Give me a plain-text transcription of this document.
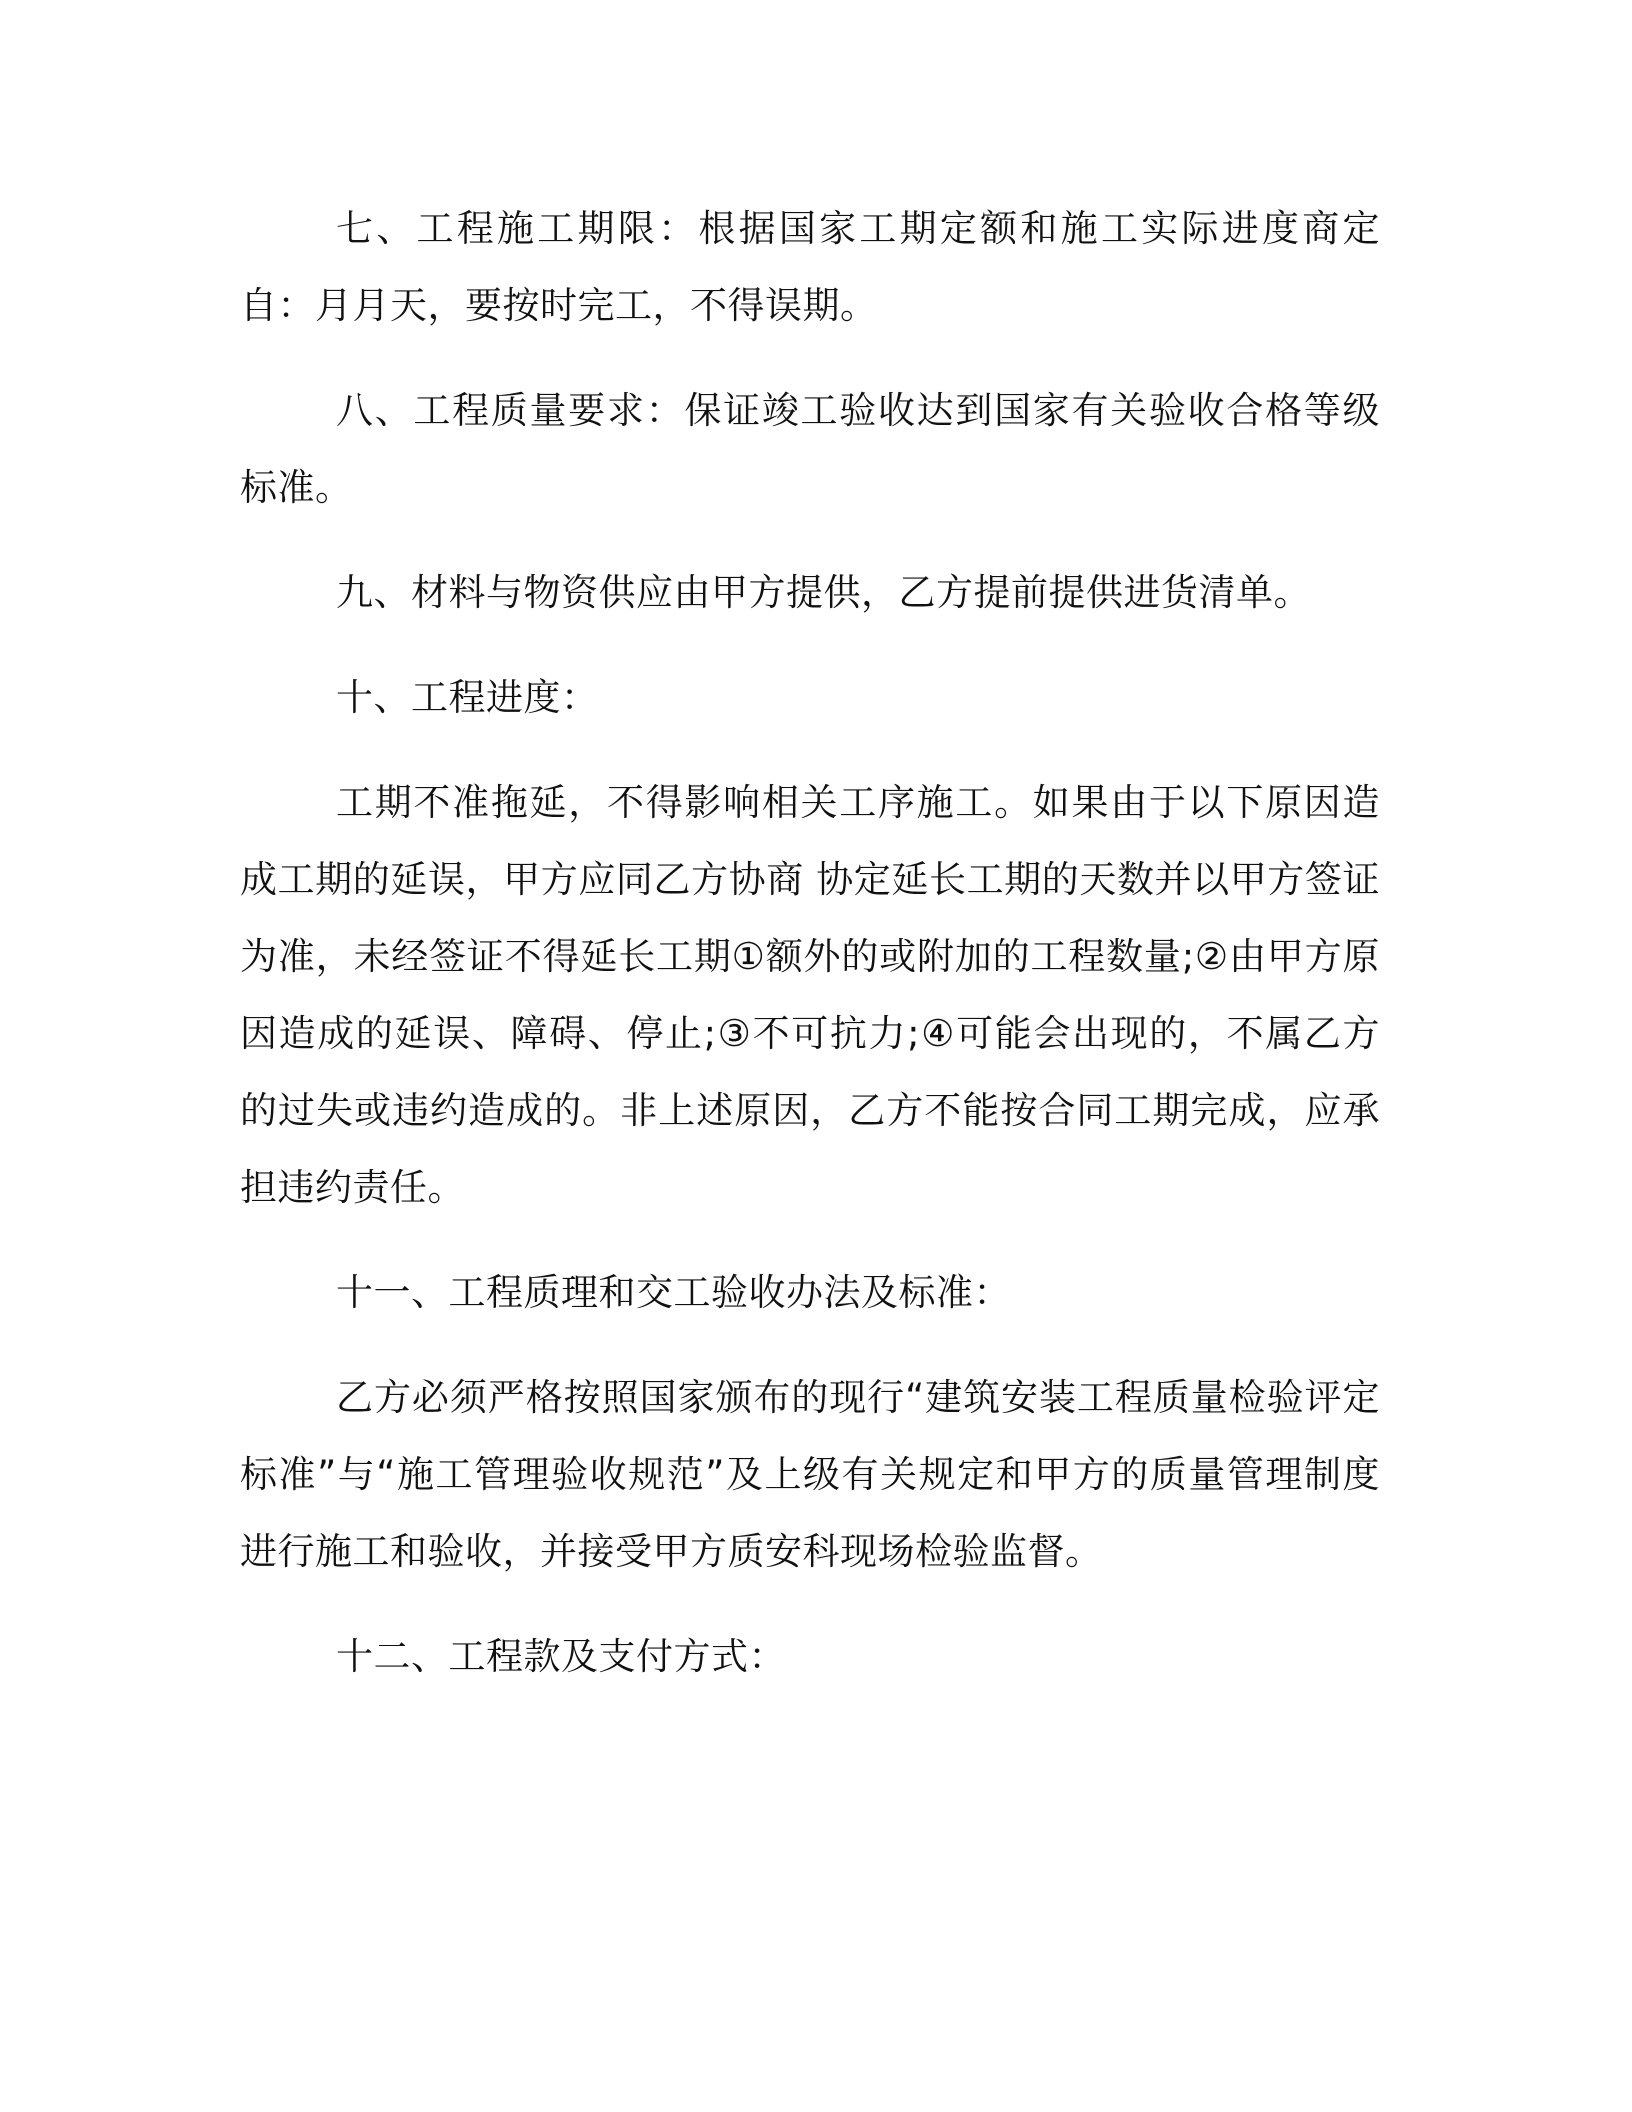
七、工程施工期限：根据国家工期定额和施工实际进度商定自：月月天，要按时完工，不得误期。

八、工程质量要求：保证竣工验收达到国家有关验收合格等级标准。

九、材料与物资供应由甲方提供，乙方提前提供进货清单。

十、工程进度：

工期不准拖延，不得影响相关工序施工。如果由于以下原因造成工期的延误，甲方应同乙方协商 协定延长工期的天数并以甲方签证为准，未经签证不得延长工期①额外的或附加的工程数量;②由甲方原因造成的延误、障碍、停止;③不可抗力;④可能会出现的，不属乙方的过失或违约造成的。非上述原因，乙方不能按合同工期完成，应承担违约责任。

十一、工程质理和交工验收办法及标准：

乙方必须严格按照国家颁布的现行“建筑安装工程质量检验评定标准”与“施工管理验收规范”及上级有关规定和甲方的质量管理制度进行施工和验收，并接受甲方质安科现场检验监督。

十二、工程款及支付方式：
